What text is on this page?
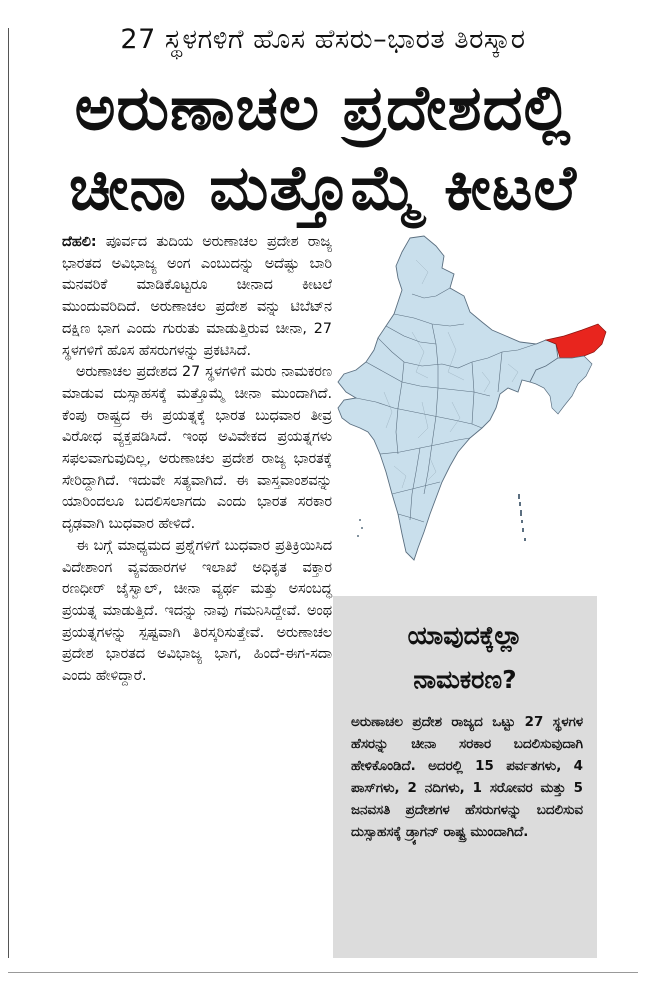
27 ಸ್ಥಳಗಳಿಗೆ ಹೊಸ ಹೆಸರು–ಭಾರತ ತಿರಸ್ಕಾರ
ಅರುಣಾಚಲ ಪ್ರದೇಶದಲ್ಲಿ
ಚೀನಾ ಮತ್ತೊಮ್ಮೆ ಕೀಟಲೆ

ದೆಹಲಿ: ಪೂರ್ವದ ತುದಿಯ ಅರುಣಾಚಲ ಪ್ರದೇಶ ರಾಜ್ಯ ಭಾರತದ ಅವಿಭಾಜ್ಯ ಅಂಗ ಎಂಬುದನ್ನು ಅದೆಷ್ಟು ಬಾರಿ ಮನವರಿಕೆ ಮಾಡಿಕೊಟ್ಟರೂ ಚೀನಾದ ಕೀಟಲೆ ಮುಂದುವರಿದಿದೆ. ಅರುಣಾಚಲ ಪ್ರದೇಶ ವನ್ನು ಟಿಬೆಟ್‌ನ ದಕ್ಷಿಣ ಭಾಗ ಎಂದು ಗುರುತು ಮಾಡುತ್ತಿರುವ ಚೀನಾ, 27 ಸ್ಥಳಗಳಿಗೆ ಹೊಸ ಹೆಸರುಗಳನ್ನು ಪ್ರಕಟಿಸಿದೆ.

ಅರುಣಾಚಲ ಪ್ರದೇಶದ 27 ಸ್ಥಳಗಳಿಗೆ ಮರು ನಾಮಕರಣ ಮಾಡುವ ದುಸ್ಸಾಹಸಕ್ಕೆ ಮತ್ತೊಮ್ಮೆ ಚೀನಾ ಮುಂದಾಗಿದೆ. ಕೆಂಪು ರಾಷ್ಟ್ರದ ಈ ಪ್ರಯತ್ನಕ್ಕೆ ಭಾರತ ಬುಧವಾರ ತೀವ್ರ ವಿರೋಧ ವ್ಯಕ್ತಪಡಿಸಿದೆ. ಇಂಥ ಅವಿವೇಕದ ಪ್ರಯತ್ನಗಳು ಸಫಲವಾಗುವುದಿಲ್ಲ, ಅರುಣಾಚಲ ಪ್ರದೇಶ ರಾಜ್ಯ ಭಾರತಕ್ಕೆ ಸೇರಿದ್ದಾಗಿದೆ. ಇದುವೇ ಸತ್ಯವಾಗಿದೆ. ಈ ವಾಸ್ತವಾಂಶವನ್ನು ಯಾರಿಂದಲೂ ಬದಲಿಸಲಾಗದು ಎಂದು ಭಾರತ ಸರಕಾರ ದೃಢವಾಗಿ ಬುಧವಾರ ಹೇಳಿದೆ.

ಈ ಬಗ್ಗೆ ಮಾಧ್ಯಮದ ಪ್ರಶ್ನೆಗಳಿಗೆ ಬುಧವಾರ ಪ್ರತಿಕ್ರಿಯಿಸಿದ ವಿದೇಶಾಂಗ ವ್ಯವಹಾರಗಳ ಇಲಾಖೆ ಅಧಿಕೃತ ವಕ್ತಾರ ರಣಧೀರ್ ಜೈಸ್ವಾಲ್, ಚೀನಾ ವ್ಯರ್ಥ ಮತ್ತು ಅಸಂಬದ್ಧ ಪ್ರಯತ್ನ ಮಾಡುತ್ತಿದೆ. ಇದನ್ನು ನಾವು ಗಮನಿಸಿದ್ದೇವೆ. ಅಂಥ ಪ್ರಯತ್ನಗಳನ್ನು ಸ್ಪಷ್ಟವಾಗಿ ತಿರಸ್ಕರಿಸುತ್ತೇವೆ. ಅರುಣಾಚಲ ಪ್ರದೇಶ ಭಾರತದ ಅವಿಭಾಜ್ಯ ಭಾಗ, ಹಿಂದೆ-ಈಗ-ಸದಾ ಎಂದು ಹೇಳಿದ್ದಾರೆ.

ಯಾವುದಕ್ಕೆಲ್ಲಾ
ನಾಮಕರಣ?
ಅರುಣಾಚಲ ಪ್ರದೇಶ ರಾಜ್ಯದ ಒಟ್ಟು 27 ಸ್ಥಳಗಳ ಹೆಸರನ್ನು ಚೀನಾ ಸರಕಾರ ಬದಲಿಸುವುದಾಗಿ ಹೇಳಿಕೊಂಡಿದೆ. ಅದರಲ್ಲಿ 15 ಪರ್ವತಗಳು, 4 ಪಾಸ್‌ಗಳು, 2 ನದಿಗಳು, 1 ಸರೋವರ ಮತ್ತು 5 ಜನವಸತಿ ಪ್ರದೇಶಗಳ ಹೆಸರುಗಳನ್ನು ಬದಲಿಸುವ ದುಸ್ಸಾಹಸಕ್ಕೆ ಡ್ರ್ಯಾಗನ್ ರಾಷ್ಟ್ರ ಮುಂದಾಗಿದೆ.
